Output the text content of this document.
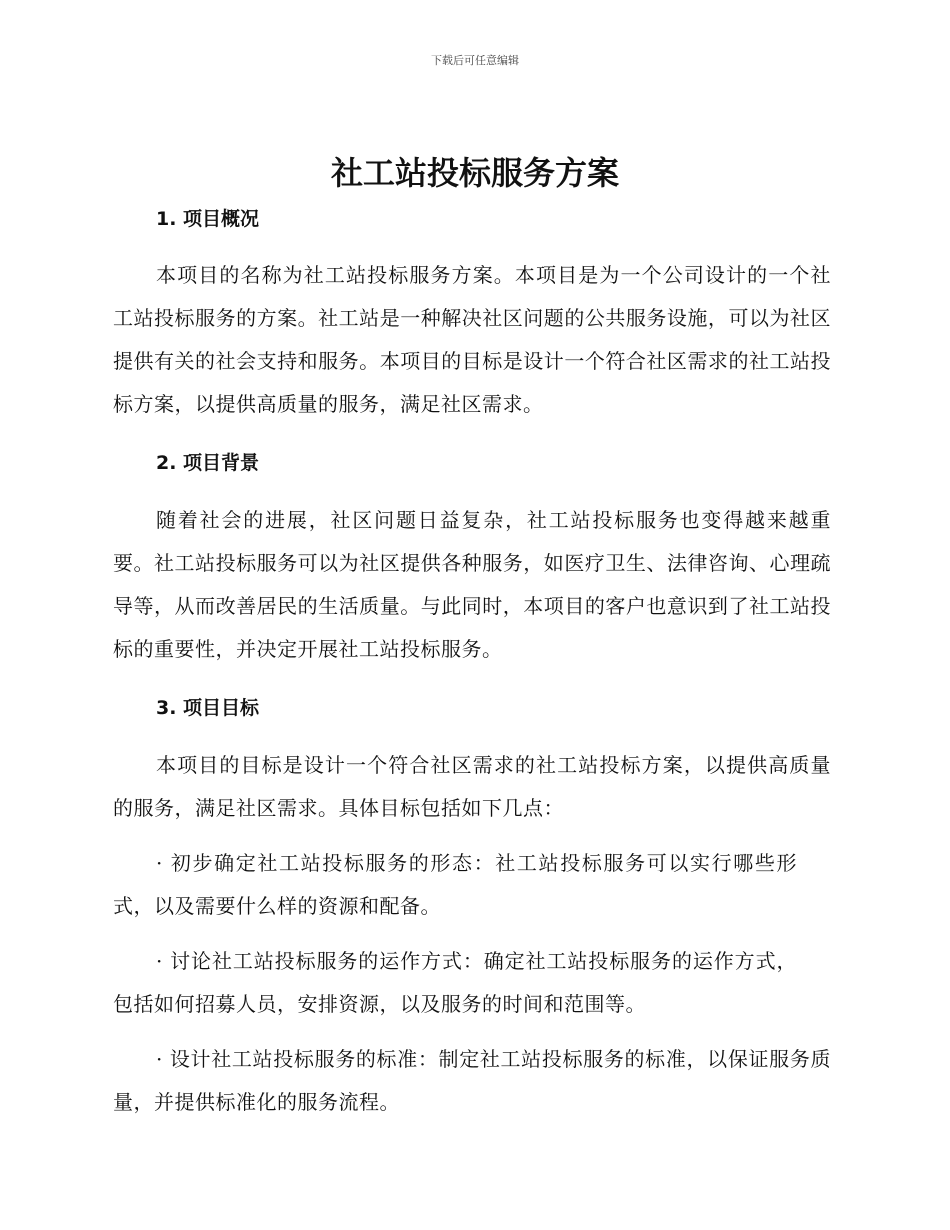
下载后可任意编辑
社工站投标服务方案
1. 项目概况

本项目的名称为社工站投标服务方案。本项目是为一个公司设计的一个社工站投标服务的方案。社工站是一种解决社区问题的公共服务设施，可以为社区提供有关的社会支持和服务。本项目的目标是设计一个符合社区需求的社工站投标方案，以提供高质量的服务，满足社区需求。

2. 项目背景

随着社会的进展，社区问题日益复杂，社工站投标服务也变得越来越重要。社工站投标服务可以为社区提供各种服务，如医疗卫生、法律咨询、心理疏导等，从而改善居民的生活质量。与此同时，本项目的客户也意识到了社工站投标的重要性，并决定开展社工站投标服务。

3. 项目目标

本项目的目标是设计一个符合社区需求的社工站投标方案，以提供高质量的服务，满足社区需求。具体目标包括如下几点：

· 初步确定社工站投标服务的形态：社工站投标服务可以实行哪些形式，以及需要什么样的资源和配备。

· 讨论社工站投标服务的运作方式：确定社工站投标服务的运作方式，包括如何招募人员，安排资源，以及服务的时间和范围等。

· 设计社工站投标服务的标准：制定社工站投标服务的标准，以保证服务质量，并提供标准化的服务流程。
